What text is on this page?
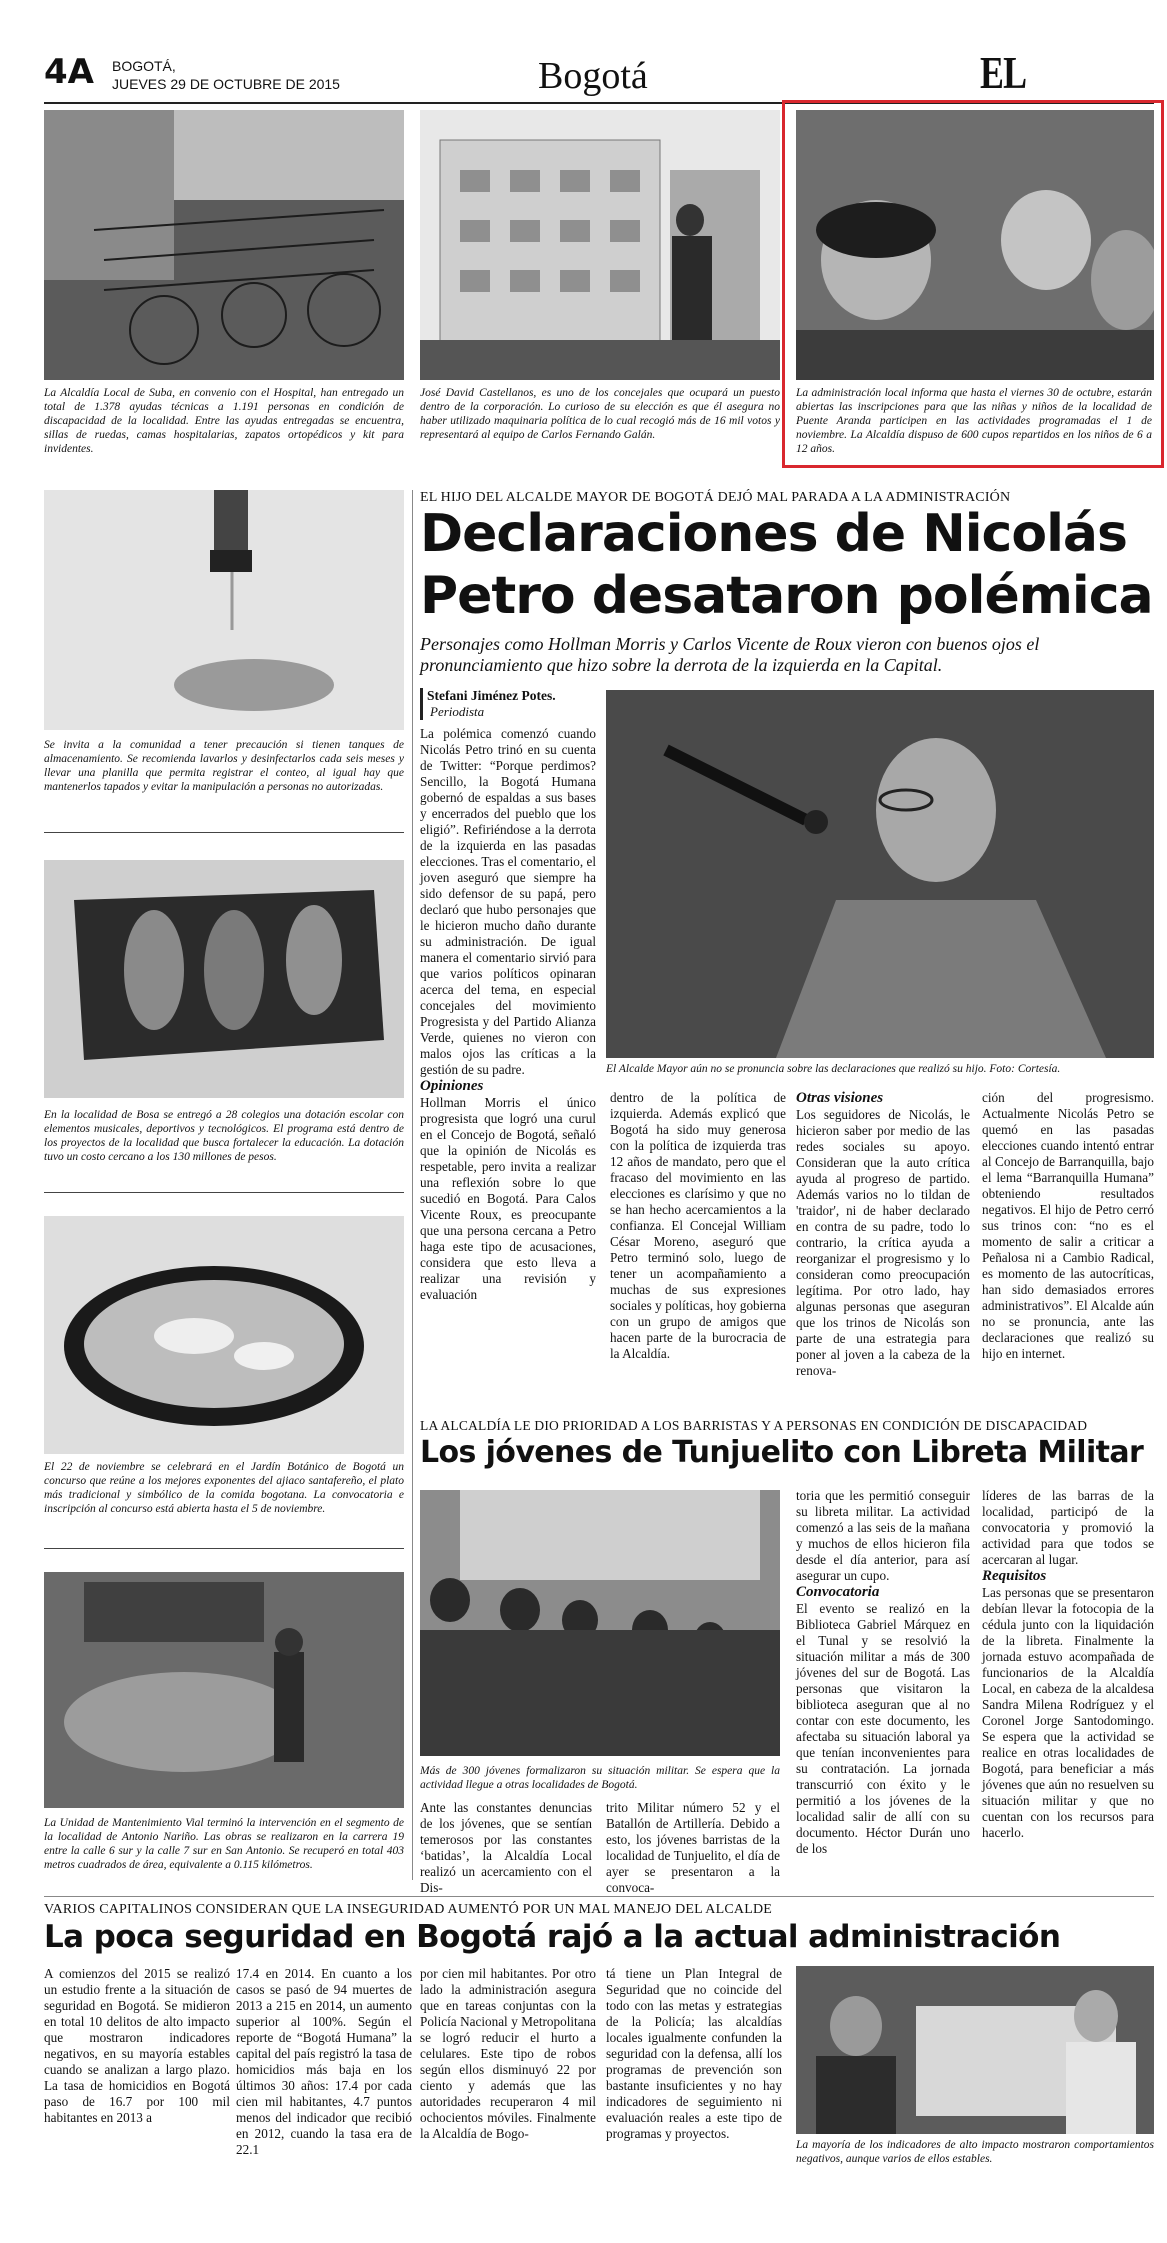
4A BOGOTÁ,
JUEVES 29 DE OCTUBRE DE 2015	Bogotá	EL
La Alcaldía Local de Suba, en convenio con el Hospital, han entregado un total de 1.378 ayudas técnicas a 1.191 personas en condición de discapacidad de la localidad. Entre las ayudas entregadas se encuentra, sillas de ruedas, camas hospitalarias, zapatos ortopédicos y kit para invidentes.
José David Castellanos, es uno de los concejales que ocupará un puesto dentro de la corporación. Lo curioso de su elección es que él asegura no haber utilizado maquinaria política de lo cual recogió más de 16 mil votos y representará al equipo de Carlos Fernando Galán.
La administración local informa que hasta el viernes 30 de octubre, estarán abiertas las inscripciones para que las niñas y niños de la localidad de Puente Aranda participen en las actividades programadas el 1 de noviembre. La Alcaldía dispuso de 600 cupos repartidos en los niños de 6 a 12 años.
Se invita a la comunidad a tener precaución si tienen tanques de almacenamiento. Se recomienda lavarlos y desinfectarlos cada seis meses y llevar una planilla que permita registrar el conteo, al igual hay que mantenerlos tapados y evitar la manipulación a personas no autorizadas.
En la localidad de Bosa se entregó a 28 colegios una dotación escolar con elementos musicales, deportivos y tecnológicos. El programa está dentro de los proyectos de la localidad que busca fortalecer la educación. La dotación tuvo un costo cercano a los 130 millones de pesos.
El 22 de noviembre se celebrará en el Jardín Botánico de Bogotá un concurso que reúne a los mejores exponentes del ajiaco santafereño, el plato más tradicional y simbólico de la comida bogotana. La convocatoria e inscripción al concurso está abierta hasta el 5 de noviembre.
La Unidad de Mantenimiento Vial terminó la intervención en el segmento de la localidad de Antonio Nariño. Las obras se realizaron en la carrera 19 entre la calle 6 sur y la calle 7 sur en San Antonio. Se recuperó en total 403 metros cuadrados de área, equivalente a 0.115 kilómetros.
EL HIJO DEL ALCALDE MAYOR DE BOGOTÁ DEJÓ MAL PARADA A LA ADMINISTRACIÓN
Declaraciones de Nicolás
Petro desataron polémica
Personajes como Hollman Morris y Carlos Vicente de Roux vieron con buenos ojos el pronunciamiento que hizo sobre la derrota de la izquierda en la Capital.
Stefani Jiménez Potes.
Periodista

La polémica comenzó cuando Nicolás Petro trinó en su cuenta de Twitter: “Porque perdimos? Sencillo, la Bogotá Humana gobernó de espaldas a sus bases y encerrados del pueblo que los eligió”. Refiriéndose a la derrota de la izquierda en las pasadas elecciones. Tras el comentario, el joven aseguró que siempre ha sido defensor de su papá, pero declaró que hubo personajes que le hicieron mucho daño durante su administración. De igual manera el comentario sirvió para que varios políticos opinaran acerca del tema, en especial concejales del movimiento Progresista y del Partido Alianza Verde, quienes no vieron con malos ojos las críticas a la gestión de su padre.

Opiniones

Hollman Morris el único progresista que logró una curul en el Concejo de Bogotá, señaló que la opinión de Nicolás es respetable, pero invita a realizar una reflexión sobre lo que sucedió en Bogotá. Para Calos Vicente Roux, es preocupante que una persona cercana a Petro haga este tipo de acusaciones, considera que esto lleva a realizar una revisión y evaluación

El Alcalde Mayor aún no se pronuncia sobre las declaraciones que realizó su hijo. Foto: Cortesía.

dentro de la política de izquierda. Además explicó que Bogotá ha sido muy generosa con la política de izquierda tras 12 años de mandato, pero que el fracaso del movimiento en las elecciones es clarísimo y que no se han hecho acercamientos a la confianza. El Concejal William César Moreno, aseguró que Petro terminó solo, luego de tener un acompañamiento a muchas de sus expresiones sociales y políticas, hoy gobierna con un grupo de amigos que hacen parte de la burocracia de la Alcaldía.

Otras visiones

Los seguidores de Nicolás, le hicieron saber por medio de las redes sociales su apoyo. Consideran que la auto crítica ayuda al progreso de partido. Además varios no lo tildan de 'traidor', ni de haber declarado en contra de su padre, todo lo contrario, la crítica ayuda a reorganizar el progresismo y lo consideran como preocupación legítima. Por otro lado, hay algunas personas que aseguran que los trinos de Nicolás son parte de una estrategia para poner al joven a la cabeza de la renova-

ción del progresismo. Actualmente Nicolás Petro se quemó en las pasadas elecciones cuando intentó entrar al Concejo de Barranquilla, bajo el lema “Barranquilla Humana” obteniendo resultados negativos. El hijo de Petro cerró sus trinos con: “no es el momento de salir a criticar a Peñalosa ni a Cambio Radical, es momento de las autocríticas, han sido demasiados errores administrativos”. El Alcalde aún no se pronuncia, ante las declaraciones que realizó su hijo en internet.

LA ALCALDÍA LE DIO PRIORIDAD A LOS BARRISTAS Y A PERSONAS EN CONDICIÓN DE DISCAPACIDAD
Los jóvenes de Tunjuelito con Libreta Militar
Más de 300 jóvenes formalizaron su situación militar. Se espera que la actividad llegue a otras localidades de Bogotá.

Ante las constantes denuncias de los jóvenes, que se sentían temerosos por las constantes ‘batidas’, la Alcaldía Local realizó un acercamiento con el Dis-

trito Militar número 52 y el Batallón de Artillería. Debido a esto, los jóvenes barristas de la localidad de Tunjuelito, el día de ayer se presentaron a la convoca-

toria que les permitió conseguir su libreta militar. La actividad comenzó a las seis de la mañana y muchos de ellos hicieron fila desde el día anterior, para así asegurar un cupo.

Convocatoria

El evento se realizó en la Biblioteca Gabriel Márquez en el Tunal y se resolvió la situación militar a más de 300 jóvenes del sur de Bogotá. Las personas que visitaron la biblioteca aseguran que al no contar con este documento, les afectaba su situación laboral ya que tenían inconvenientes para su contratación. La jornada transcurrió con éxito y le permitió a los jóvenes de la localidad salir de allí con su documento. Héctor Durán uno de los

líderes de las barras de la localidad, participó de la convocatoria y promovió la actividad para que todos se acercaran al lugar.

Requisitos

Las personas que se presentaron debían llevar la fotocopia de la cédula junto con la liquidación de la libreta. Finalmente la jornada estuvo acompañada de funcionarios de la Alcaldía Local, en cabeza de la alcaldesa Sandra Milena Rodríguez y el Coronel Jorge Santodomingo. Se espera que la actividad se realice en otras localidades de Bogotá, para beneficiar a más jóvenes que aún no resuelven su situación militar y que no cuentan con los recursos para hacerlo.

VARIOS CAPITALINOS CONSIDERAN QUE LA INSEGURIDAD AUMENTÓ POR UN MAL MANEJO DEL ALCALDE
La poca seguridad en Bogotá rajó a la actual administración

A comienzos del 2015 se realizó un estudio frente a la situación de seguridad en Bogotá. Se midieron en total 10 delitos de alto impacto que mostraron indicadores negativos, en su mayoría estables cuando se analizan a largo plazo. La tasa de homicidios en Bogotá paso de 16.7 por 100 mil habitantes en 2013 a

17.4 en 2014. En cuanto a los casos se pasó de 94 muertes de 2013 a 215 en 2014, un aumento superior al 100%. Según el reporte de “Bogotá Humana” la capital del país registró la tasa de homicidios más baja en los últimos 30 años: 17.4 por cada cien mil habitantes, 4.7 puntos menos del indicador que recibió en 2012, cuando la tasa era de 22.1

por cien mil habitantes. Por otro lado la administración asegura que en tareas conjuntas con la Policía Nacional y Metropolitana se logró reducir el hurto a celulares. Este tipo de robos según ellos disminuyó 22 por ciento y además que las autoridades recuperaron 4 mil ochocientos móviles. Finalmente la Alcaldía de Bogo-

tá tiene un Plan Integral de Seguridad que no coincide del todo con las metas y estrategias de la Policía; las alcaldías locales igualmente confunden la seguridad con la defensa, allí los programas de prevención son bastante insuficientes y no hay indicadores de seguimiento ni evaluación reales a este tipo de programas y proyectos.

La mayoría de los indicadores de alto impacto mostraron comportamientos negativos, aunque varios de ellos estables.
